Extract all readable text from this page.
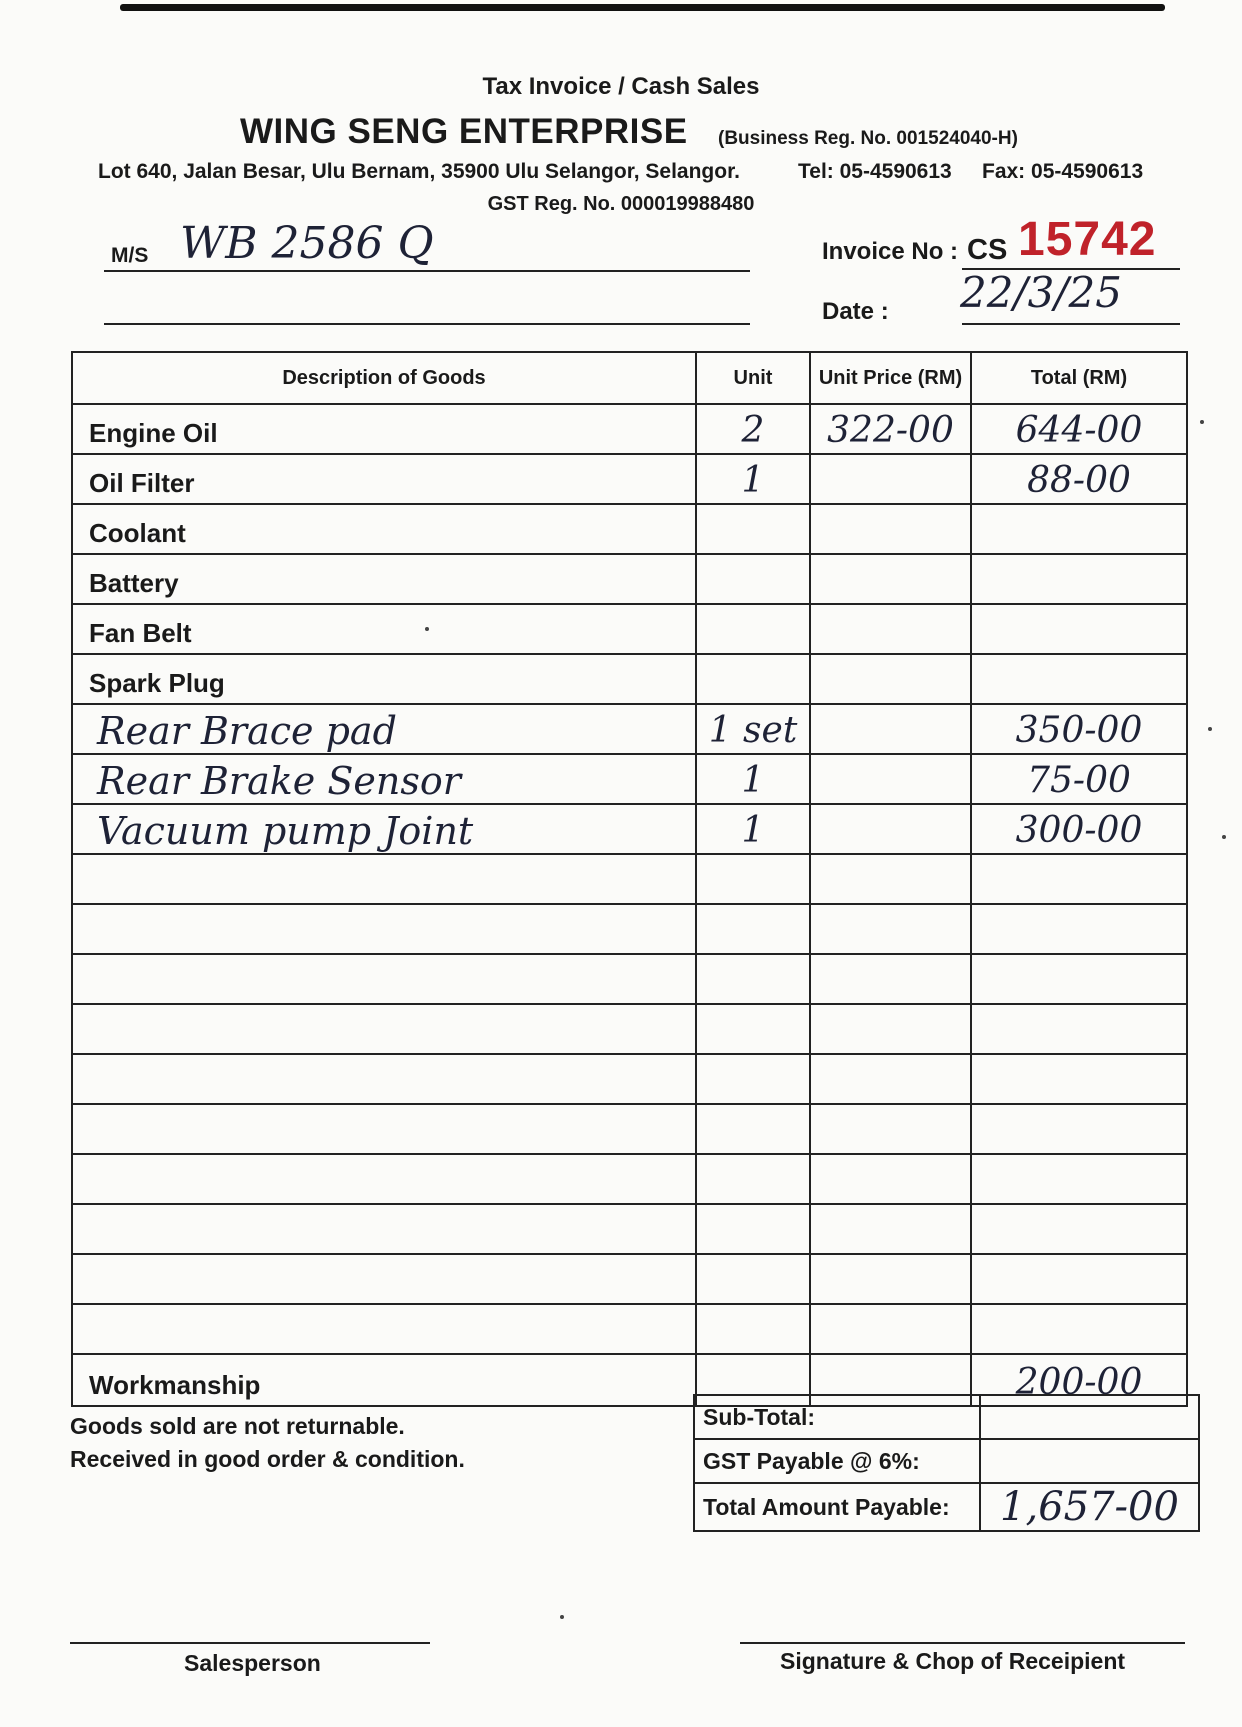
Tax Invoice / Cash Sales
WING SENG ENTERPRISE (Business Reg. No. 001524040-H)
Lot 640, Jalan Besar, Ulu Bernam, 35900 Ulu Selangor, Selangor.	Tel: 05-4590613 Fax: 05-4590613
GST Reg. No. 000019988480
M/S WB 2586 Q	Invoice No : CS 15742
Date : 22/3/25
Description of Goods	Unit	Unit Price (RM)	Total (RM)

Engine Oil	2	322-00	644-00

Oil Filter	1		88-00

Coolant			

Battery			

Fan Belt			

Spark Plug			

Rear Brace pad	1 set		350-00

Rear Brake Sensor	1		75-00

Vacuum pump Joint	1		300-00

Workmanship			200-00
Goods sold are not returnable.
Received in good order & condition.
Sub-Total:	
GST Payable @ 6%:	
Total Amount Payable:	1,657-00
Salesperson	Signature & Chop of Receipient
